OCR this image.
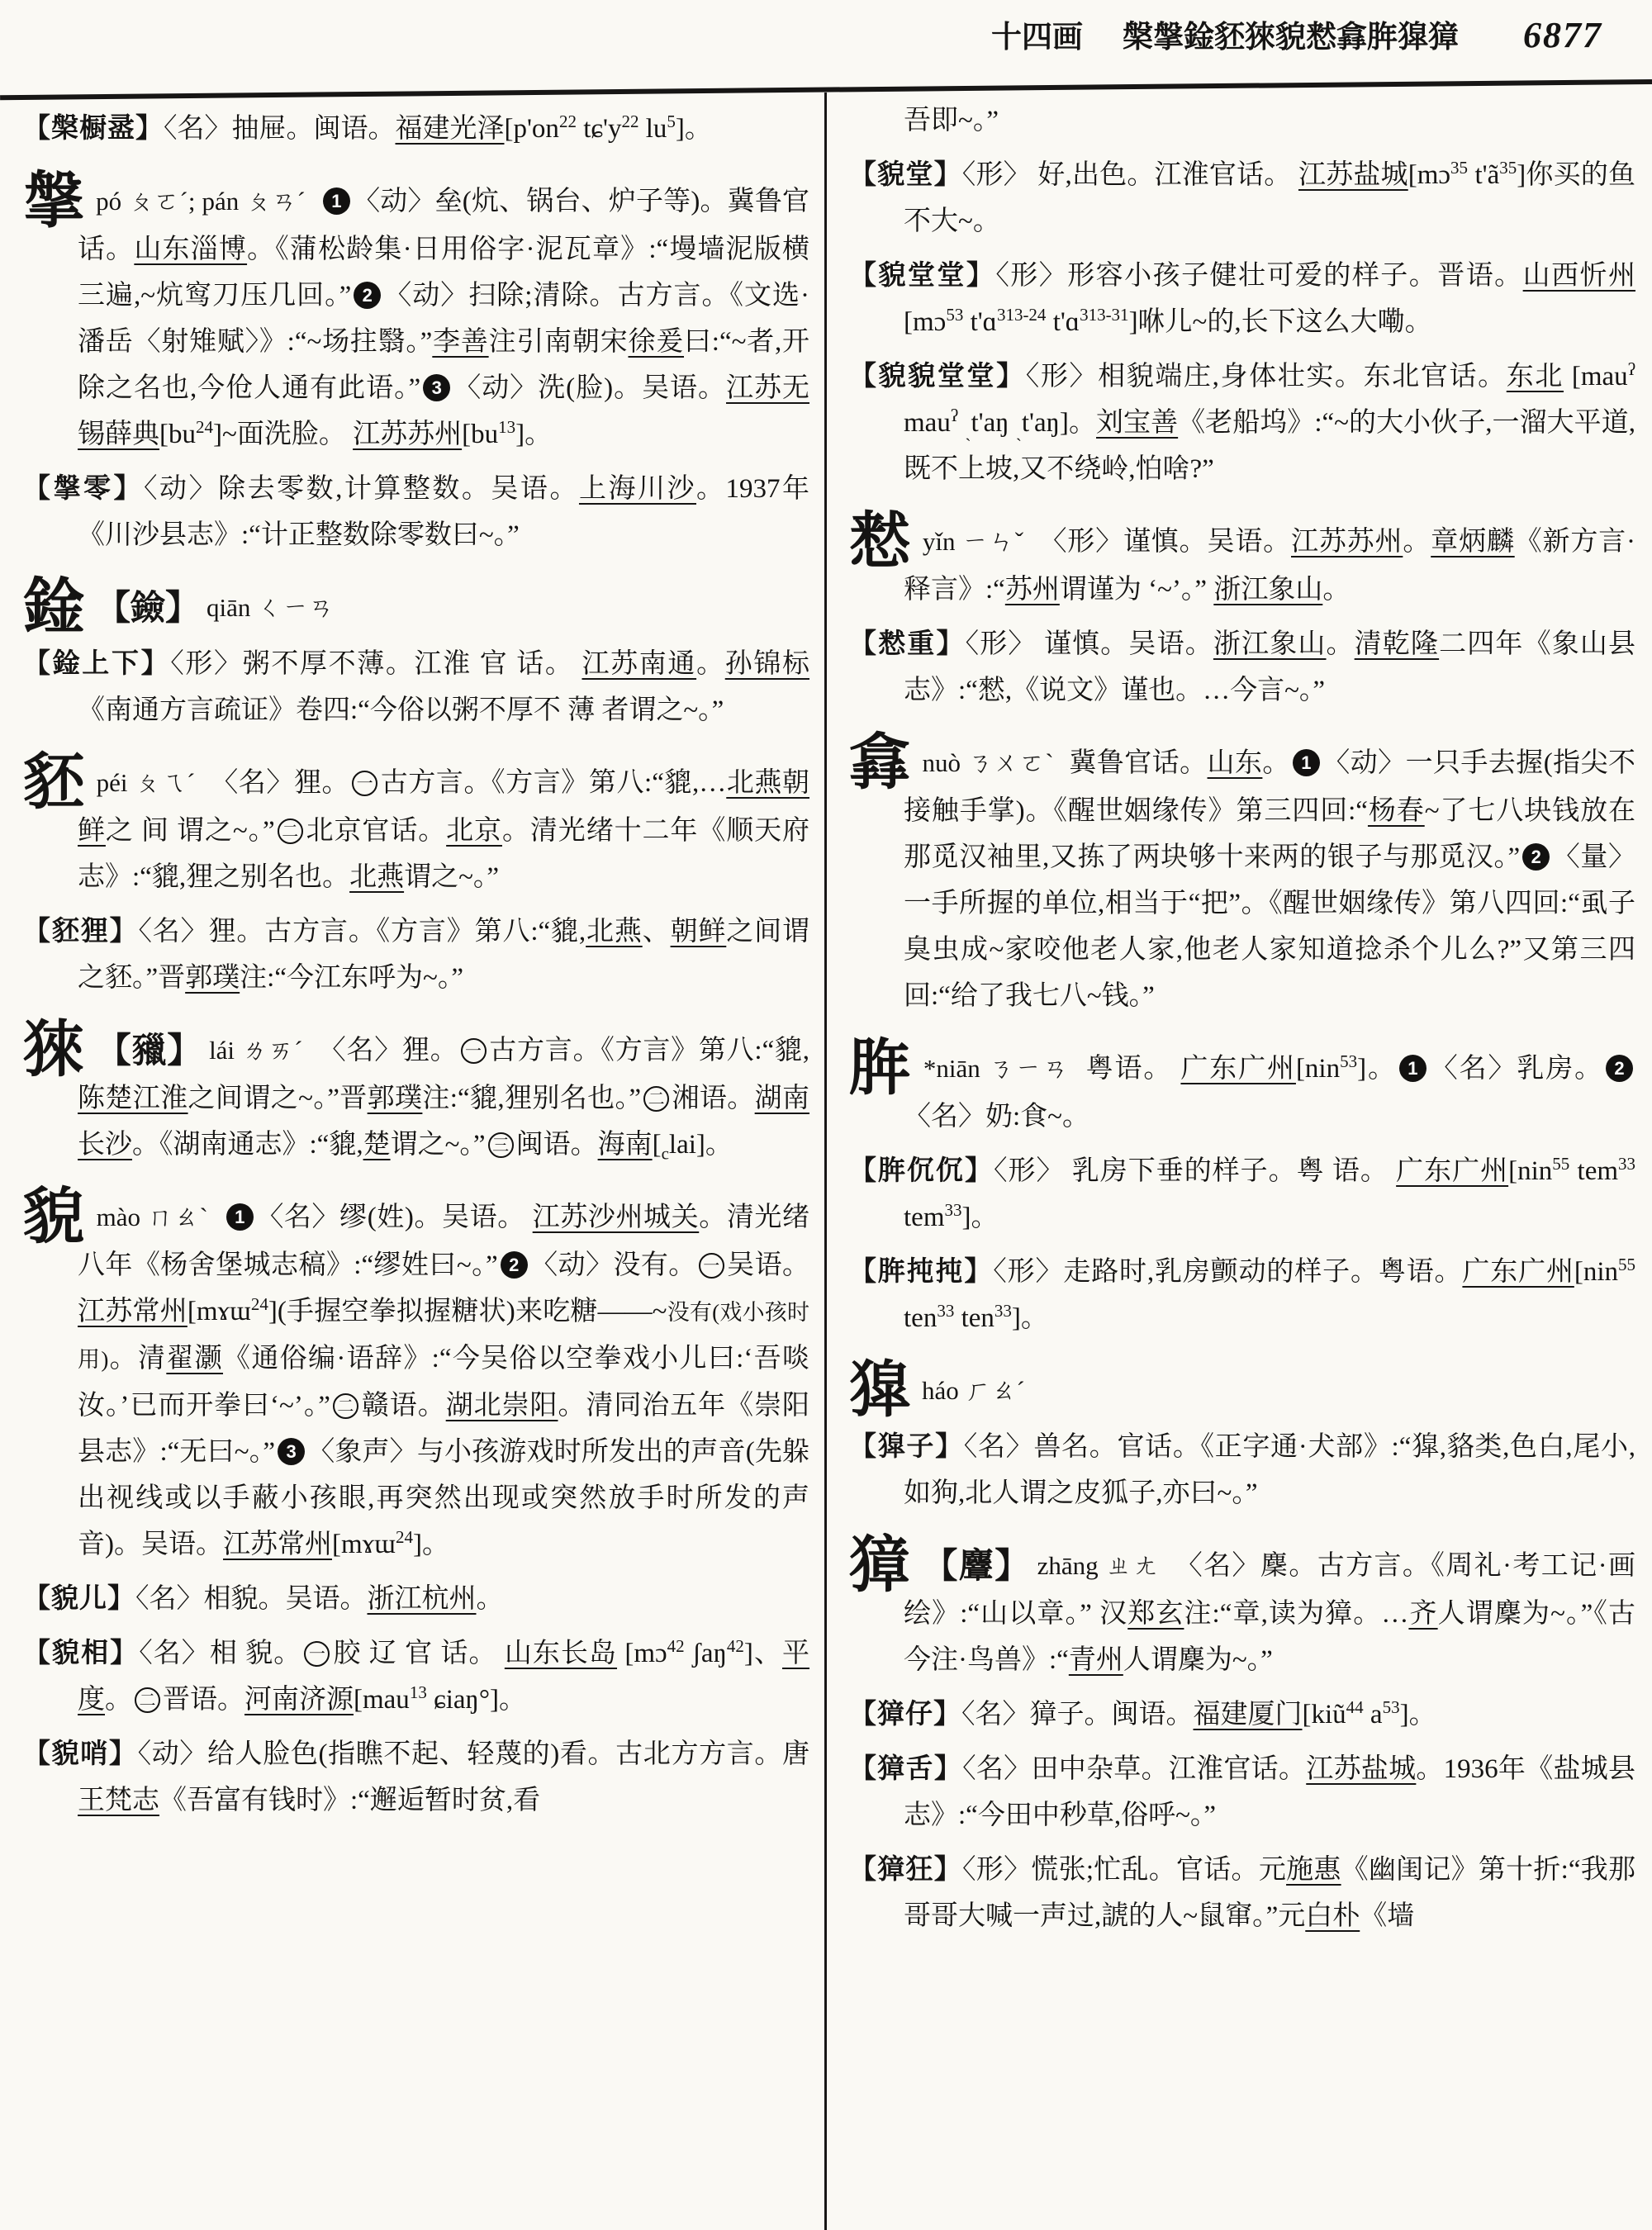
十四画 槃搫鍂豾猍貌慭搻脌獔獐 6877
【槃橱盝】〈名〉抽屉。闽语。福建光泽[$p'on^{22}$ $tɕ'y^{22}$ $lu^5$]。
搫pó ㄆㄛˊ; pán ㄆㄢˊ 1 〈动〉垒(炕、锅台、炉子等)。冀鲁官话。山东淄博。《蒲松龄集·日用俗字·泥瓦章》:“墁墙泥版横三遍,~炕窎刀压几回。” 2 〈动〉扫除;清除。古方言。《文选·潘岳〈射雉赋〉》:“~场拄翳。”李善注引南朝宋徐爰曰:“~者,开除之名也,今伧人通有此语。” 3 〈动〉洗(脸)。吴语。江苏无锡薛典$[bu^{24}]\sim$面洗脸。 江苏苏州$[bu^{13}]$。
【搫零】〈动〉除去零数,计算整数。吴语。上海川沙。1937年《川沙县志》:“计正整数除零数曰~。”
鍂 【鐱】 qiān ㄑㄧㄢ
【鍂上下】〈形〉粥不厚不薄。江淮 官 话。 江苏南通。孙锦标《南通方言疏证》卷四:“今俗以粥不厚不 薄 者谓之~。”
豾péi ㄆㄟˊ 〈名〉狸。 一 古方言。《方言》第八:“貔,…北燕朝鲜之 间 谓之~。” 二 北京官话。北京。清光绪十二年《顺天府志》:“貔,狸之别名也。北燕谓之~。”
【豾狸】〈名〉狸。古方言。《方言》第八:“貔,北燕、朝鲜之间谓之豾。”晋郭璞注:“今江东呼为~。”
猍 【䝓】 lái ㄌㄞˊ 〈名〉狸。 一 古方言。《方言》第八:“貔,陈楚江淮之间谓之~。”晋郭璞注:“貔,狸别名也。” 二 湘语。湖南长沙。《湖南通志》:“貔,楚谓之~。” 三 闽语。海南$[_clai]$。
貌mào ㄇㄠˋ 1 〈名〉缪(姓)。吴语。 江苏沙州城关。清光绪八年《杨舍堡城志稿》:“缪姓曰~。” 2 〈动〉没有。 一 吴语。江苏常州[mɤɯ$^{24}$](手握空拳拟握糖状)来吃糖——~没有(戏小孩时用)。清翟灏《通俗编·语辞》:“今吴俗以空拳戏小儿曰:‘吾啖汝。’已而开拳曰‘~’。” 二 赣语。湖北崇阳。清同治五年《崇阳县志》:“无曰~。” 3 〈象声〉与小孩游戏时所发出的声音(先躲出视线或以手蔽小孩眼,再突然出现或突然放手时所发的声音)。吴语。江苏常州[mɤɯ$^{24}$]。
【貌儿】〈名〉相貌。吴语。浙江杭州。
【貌相】〈名〉相 貌。 一 胶 辽 官 话。 山东长岛 [mɔ$^{42}$ ʃaŋ$^{42}$]、平度。 二 晋语。河南济源[mau$^{13}$ ɕiaŋ°]。
【貌哨】〈动〉给人脸色(指瞧不起、轻蔑的)看。古北方方言。唐王梵志《吾富有钱时》:“邂逅暂时贫,看
吾即~。”
【貌堂】〈形〉 好,出色。江淮官话。 江苏盐城[mɔ$^{35}$ $t'ã^{35}$]你买的鱼不大~。
【貌堂堂】〈形〉形容小孩子健壮可爱的样子。晋语。山西忻州[mɔ$^{53}$ t'ɑ$^{313-24}$ t'ɑ$^{313-31}$]咻儿~的,长下这么大嘞。
【貌貌堂堂】〈形〉相貌端庄,身体壮实。东北官话。东北 [mau$^ʔ$ mau$^ʔ$ $_ˏ$t'aŋ $_ˏ$t'aŋ]。刘宝善《老船坞》:“~的大小伙子,一溜大平道,既不上坡,又不绕岭,怕啥?”
慭yǐn ㄧㄣˇ 〈形〉谨慎。吴语。江苏苏州。章炳麟《新方言·释言》:“苏州谓谨为 ‘~’。” 浙江象山。
【慭重】〈形〉 谨慎。吴语。浙江象山。清乾隆二四年《象山县志》:“憖,《说文》谨也。…今言~。”
搻nuò ㄋㄨㄛˋ 冀鲁官话。山东。 1 〈动〉一只手去握(指尖不接触手掌)。《醒世姻缘传》第三四回:“杨春~了七八块钱放在那觅汉袖里,又拣了两块够十来两的银子与那觅汉。” 2 〈量〉一手所握的单位,相当于“把”。《醒世姻缘传》第八四回:“虱子臭虫成~家咬他老人家,他老人家知道捻杀个儿么?”又第三四回:“给了我七八~钱。”
脌 *niān ㄋㄧㄢ 粤语。 广东广州[nin$^{53}$]。 1 〈名〉乳房。 2〈名〉奶:食~。
【脌伔伔】〈形〉 乳房下垂的样子。粤 语。 广东广州[nin$^{55}$ tem$^{33}$ tem$^{33}$]。
【脌扽扽】〈形〉走路时,乳房颤动的样子。粤语。广东广州[nin$^{55}$ ten$^{33}$ ten$^{33}$]。
獔háo ㄏㄠˊ
【獔子】〈名〉兽名。官话。《正字通·犬部》:“獔,貉类,色白,尾小,如狗,北人谓之皮狐子,亦曰~。”
獐 【麞】 zhāng ㄓㄤ 〈名〉麇。古方言。《周礼·考工记·画绘》:“山以章。” 汉郑玄注:“章,读为獐。…齐人谓麇为~。”《古今注·鸟兽》:“青州人谓麇为~。”
【獐仔】〈名〉獐子。闽语。福建厦门[kiũ$^{44}$ $a^{53}$]。
【獐舌】〈名〉田中杂草。江淮官话。江苏盐城。1936年《盐城县志》:“今田中秒草,俗呼~。”
【獐狂】〈形〉慌张;忙乱。官话。元施惠《幽闺记》第十折:“我那哥哥大喊一声过,諕的人~鼠窜。”元白朴《墙
